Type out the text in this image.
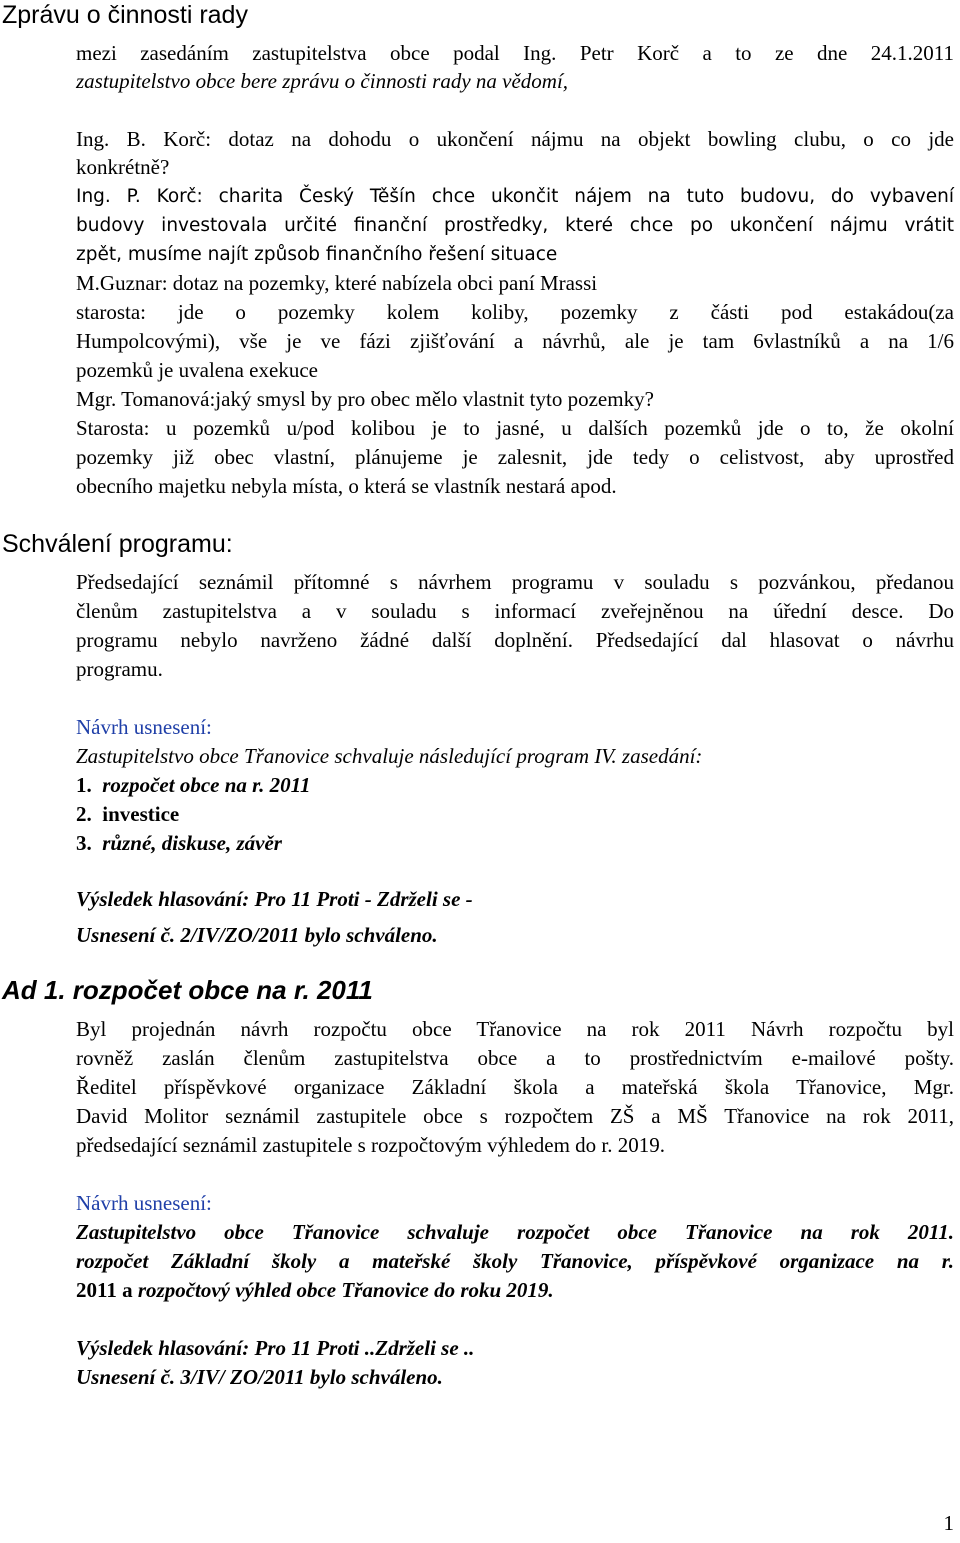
Zprávu o činnosti rady

mezi zasedáním zastupitelstva obce podal Ing. Petr Korč a to ze dne 24.1.2011

zastupitelstvo obce bere zprávu o činnosti rady na vědomí,

Ing. B. Korč: dotaz na dohodu o ukončení nájmu na objekt bowling clubu, o co jde

konkrétně?

Ing. P. Korč: charita Český Těšín chce ukončit nájem na tuto budovu, do vybavení

budovy investovala určité finanční prostředky, které chce po ukončení nájmu vrátit

zpět, musíme najít způsob finančního řešení situace

M.Guznar: dotaz na pozemky, které nabízela obci paní Mrassi

starosta: jde o pozemky kolem koliby, pozemky z části pod estakádou(za

Humpolcovými), vše je ve fázi zjišťování a návrhů, ale je tam 6vlastníků a na 1/6

pozemků je uvalena exekuce

Mgr. Tomanová:jaký smysl by pro obec mělo vlastnit tyto pozemky?

Starosta: u pozemků u/pod kolibou je to jasné, u dalších pozemků jde o to, že okolní

pozemky již obec vlastní, plánujeme je zalesnit, jde tedy o celistvost, aby uprostřed

obecního majetku nebyla místa, o která se vlastník nestará apod.

Schválení programu:

Předsedající seznámil přítomné s návrhem programu v souladu s pozvánkou, předanou

členům zastupitelstva a v souladu s informací zveřejněnou na úřední desce. Do

programu nebylo navrženo žádné další doplnění. Předsedající dal hlasovat o návrhu

programu.

Návrh usnesení:

Zastupitelstvo obce Třanovice schvaluje následující program IV. zasedání:

1. rozpočet obce na r. 2011

2. investice

3. různé, diskuse, závěr

Výsledek hlasování: Pro 11 Proti - Zdrželi se -

Usnesení č. 2/IV/ZO/2011 bylo schváleno.

Ad 1. rozpočet obce na r. 2011

Byl projednán návrh rozpočtu obce Třanovice na rok 2011 Návrh rozpočtu byl

rovněž zaslán členům zastupitelstva obce a to prostřednictvím e-mailové pošty.

Ředitel příspěvkové organizace Základní škola a mateřská škola Třanovice, Mgr.

David Molitor seznámil zastupitele obce s rozpočtem ZŠ a MŠ Třanovice na rok 2011,

předsedající seznámil zastupitele s rozpočtovým výhledem do r. 2019.

Návrh usnesení:

Zastupitelstvo obce Třanovice schvaluje rozpočet obce Třanovice na rok 2011.

rozpočet Základní školy a mateřské školy Třanovice, příspěvkové organizace na r.

2011 a rozpočtový výhled obce Třanovice do roku 2019.

Výsledek hlasování: Pro 11 Proti ..Zdrželi se ..

Usnesení č. 3/IV/ ZO/2011 bylo schváleno.

1
